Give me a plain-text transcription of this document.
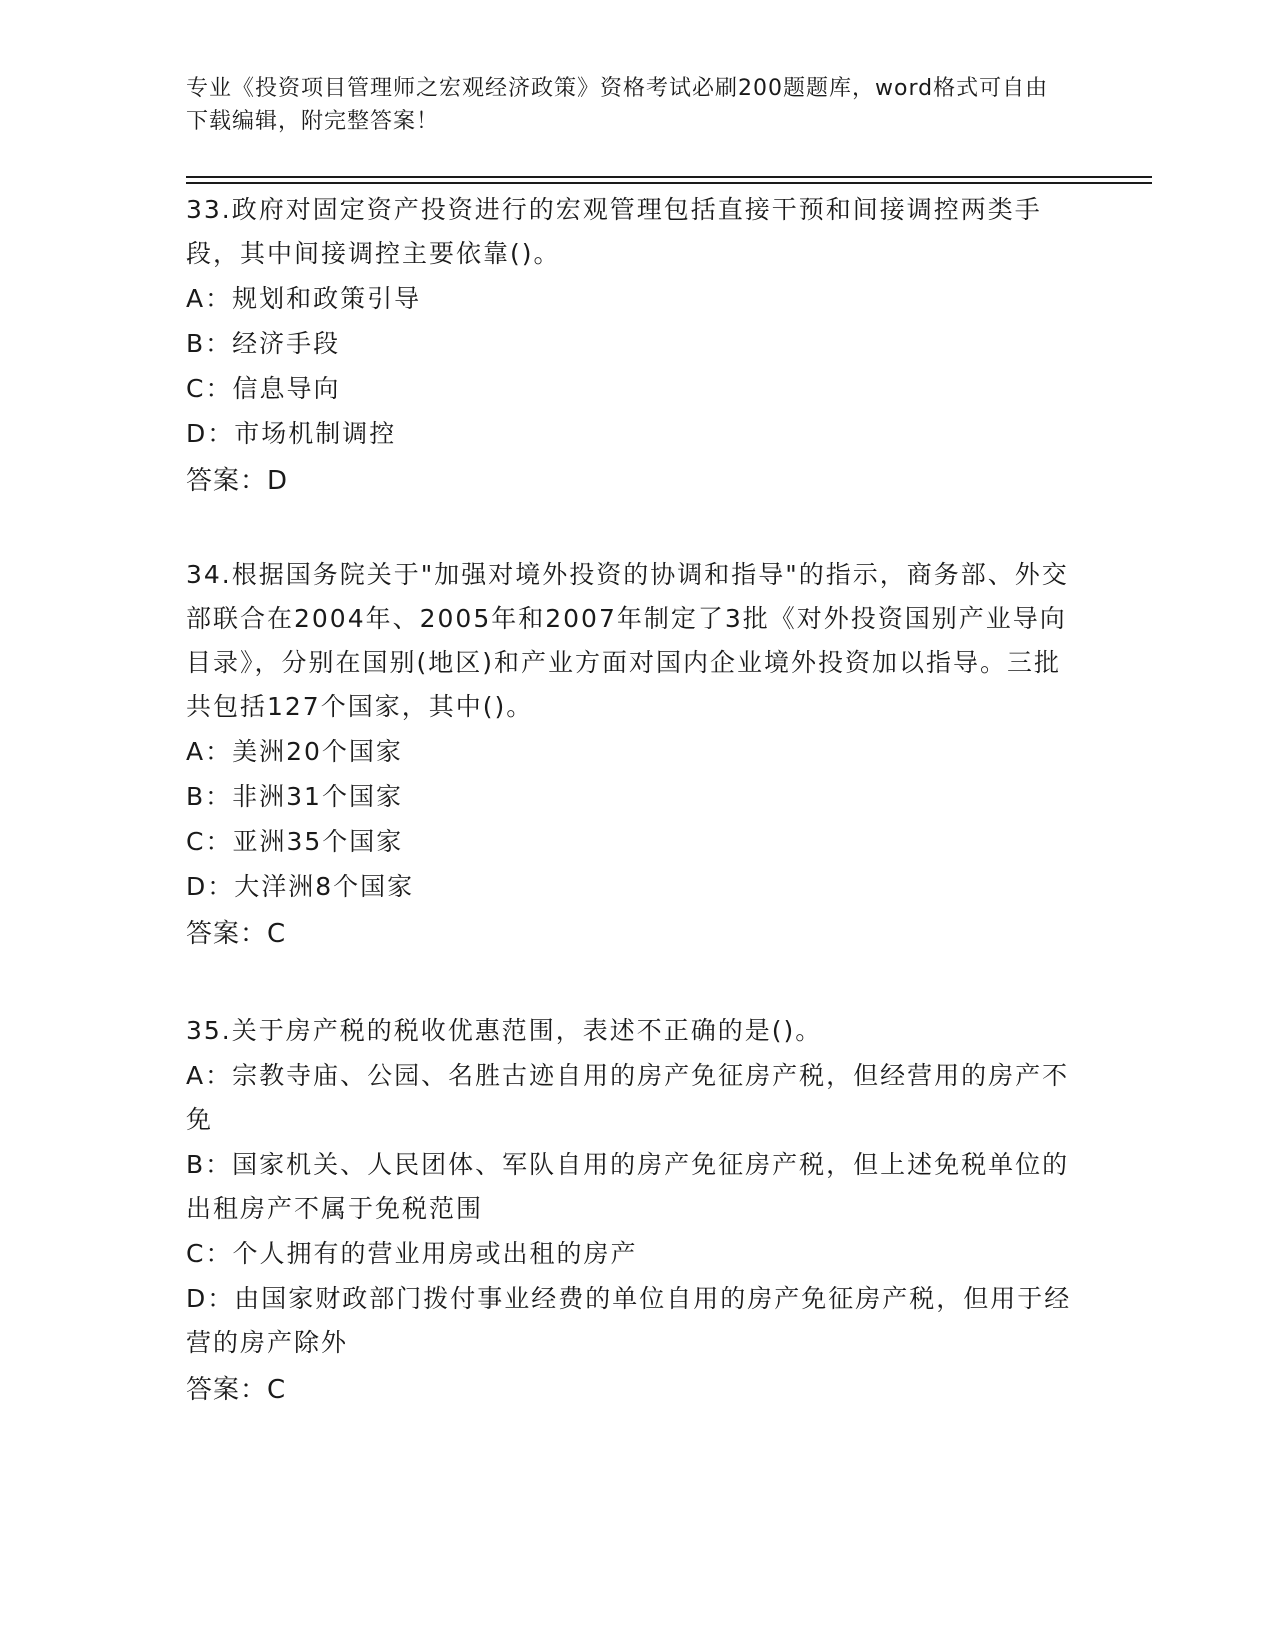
专业《投资项目管理师之宏观经济政策》资格考试必刷200题题库，word格式可自由下载编辑，附完整答案！
33.政府对固定资产投资进行的宏观管理包括直接干预和间接调控两类手段，其中间接调控主要依靠()。
A：规划和政策引导
B：经济手段
C：信息导向
D：市场机制调控
答案：D
34.根据国务院关于"加强对境外投资的协调和指导"的指示，商务部、外交部联合在2004年、2005年和2007年制定了3批《对外投资国别产业导向目录》，分别在国别(地区)和产业方面对国内企业境外投资加以指导。三批共包括127个国家，其中()。
A：美洲20个国家
B：非洲31个国家
C：亚洲35个国家
D：大洋洲8个国家
答案：C
35.关于房产税的税收优惠范围，表述不正确的是()。
A：宗教寺庙、公园、名胜古迹自用的房产免征房产税，但经营用的房产不免
B：国家机关、人民团体、军队自用的房产免征房产税，但上述免税单位的出租房产不属于免税范围
C：个人拥有的营业用房或出租的房产
D：由国家财政部门拨付事业经费的单位自用的房产免征房产税，但用于经营的房产除外
答案：C
